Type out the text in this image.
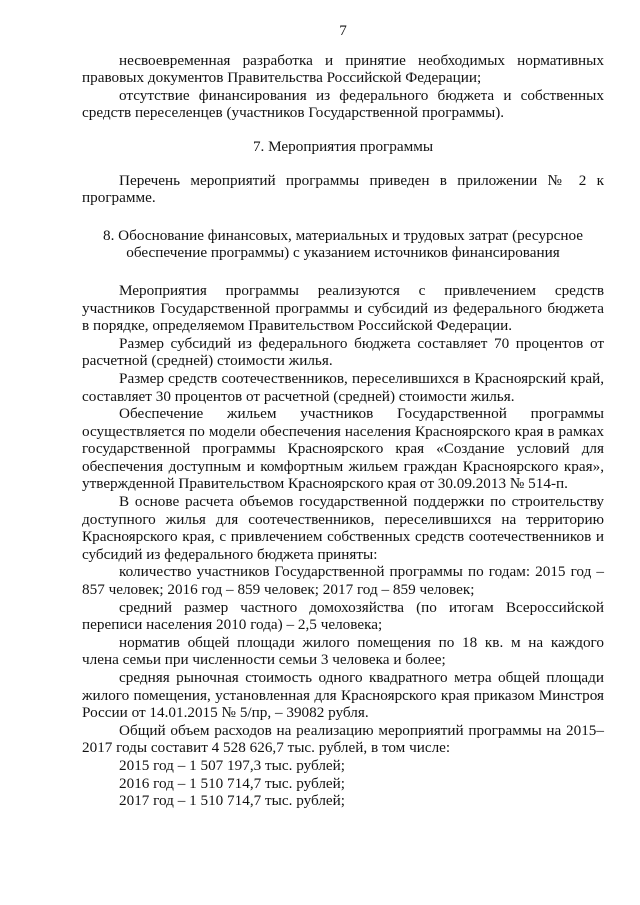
7

несвоевременная разработка и принятие необходимых нормативных правовых документов Правительства Российской Федерации;

отсутствие финансирования из федерального бюджета и собственных средств переселенцев (участников Государственной программы).

7. Мероприятия программы

Перечень мероприятий программы приведен в приложении № 2 к программе.

8. Обоснование финансовых, материальных и трудовых затрат (ресурсное обеспечение программы) с указанием источников финансирования

Мероприятия программы реализуются с привлечением средств участников Государственной программы и субсидий из федерального бюджета в порядке, определяемом Правительством Российской Федерации.

Размер субсидий из федерального бюджета составляет 70 процентов от расчетной (средней) стоимости жилья.

Размер средств соотечественников, переселившихся в Красноярский край, составляет 30 процентов от расчетной (средней) стоимости жилья.

Обеспечение жильем участников Государственной программы осуществляется по модели обеспечения населения Красноярского края в рамках государственной программы Красноярского края «Создание условий для обеспечения доступным и комфортным жильем граждан Красноярского края», утвержденной Правительством Красноярского края от 30.09.2013 № 514-п.

В основе расчета объемов государственной поддержки по строительству доступного жилья для соотечественников, переселившихся на территорию Красноярского края, с привлечением собственных средств соотечественников и субсидий из федерального бюджета приняты:

количество участников Государственной программы по годам: 2015 год – 857 человек; 2016 год – 859 человек; 2017 год – 859 человек;

средний размер частного домохозяйства (по итогам Всероссийской переписи населения 2010 года) – 2,5 человека;

норматив общей площади жилого помещения по 18 кв. м на каждого члена семьи при численности семьи 3 человека и более;

средняя рыночная стоимость одного квадратного метра общей площади жилого помещения, установленная для Красноярского края приказом Минстроя России от 14.01.2015 № 5/пр, – 39082 рубля.

Общий объем расходов на реализацию мероприятий программы на 2015–2017 годы составит 4 528 626,7 тыс. рублей, в том числе:

2015 год – 1 507 197,3 тыс. рублей;

2016 год – 1 510 714,7 тыс. рублей;

2017 год – 1 510 714,7 тыс. рублей;
